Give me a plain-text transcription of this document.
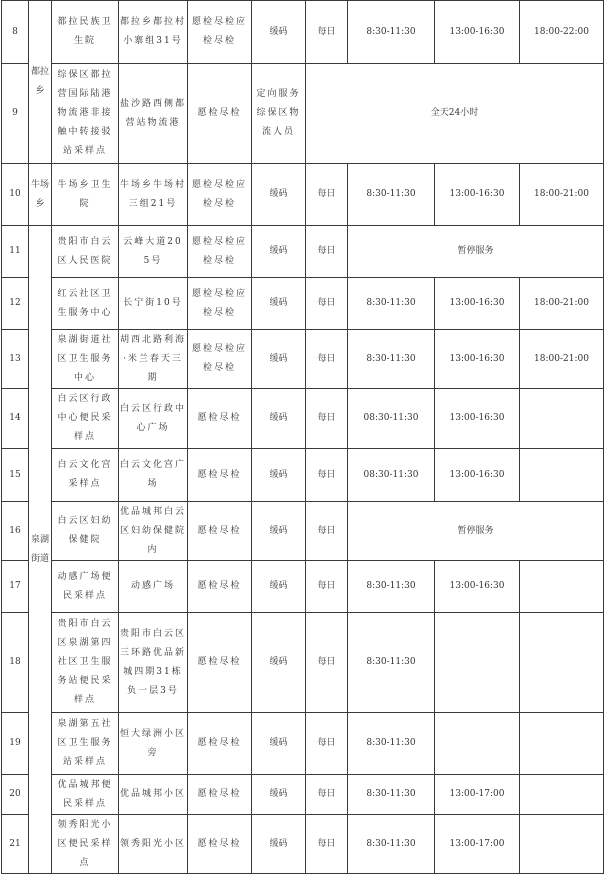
8	都拉乡	都拉民族卫生院	都拉乡都拉村小寨组31号	愿检尽检应检尽检	缓码	每日	8:30-11:30	13:00-16:30	18:00-22:00
9		综保区都拉营国际陆港物流港非接触中转接驳站采样点	盐沙路西侧都营站物流港	愿检尽检	定向服务综保区物流人员	全天24小时			
10	牛场乡	牛场乡卫生院	牛场乡牛场村三组21号	愿检尽检应检尽检	缓码	每日	8:30-11:30	13:00-16:30	18:00-21:00
11	泉湖街道	贵阳市白云区人民医院	云峰大道205号	愿检尽检应检尽检	缓码	每日	暂停服务		
12		红云社区卫生服务中心	长宁街10号	愿检尽检应检尽检	缓码	每日	8:30-11:30	13:00-16:30	18:00-21:00
13		泉湖街道社区卫生服务中心	胡西北路利海·米兰春天三期	愿检尽检应检尽检	缓码	每日	8:30-11:30	13:00-16:30	18:00-21:00
14		白云区行政中心便民采样点	白云区行政中心广场	愿检尽检	缓码	每日	08:30-11:30	13:00-16:30	
15		白云文化宫采样点	白云文化宫广场	愿检尽检	缓码	每日	08:30-11:30	13:00-16:30	
16		白云区妇幼保健院	优品城邦白云区妇幼保健院内	愿检尽检	缓码	每日	暂停服务		
17		动感广场便民采样点	动感广场	愿检尽检	缓码	每日	8:30-11:30	13:00-16:30	
18		贵阳市白云区泉湖第四社区卫生服务站便民采样点	贵阳市白云区三环路优品新城四期31栋负一层3号	愿检尽检	缓码	每日	8:30-11:30		
19		泉湖第五社区卫生服务站采样点	恒大绿洲小区旁	愿检尽检	缓码	每日	8:30-11:30		
20		优品城邦便民采样点	优品城邦小区	愿检尽检	缓码	每日	8:30-11:30	13:00-17:00	
21		领秀阳光小区便民采样点	领秀阳光小区	愿检尽检	缓码	每日	8:30-11:30	13:00-17:00	
